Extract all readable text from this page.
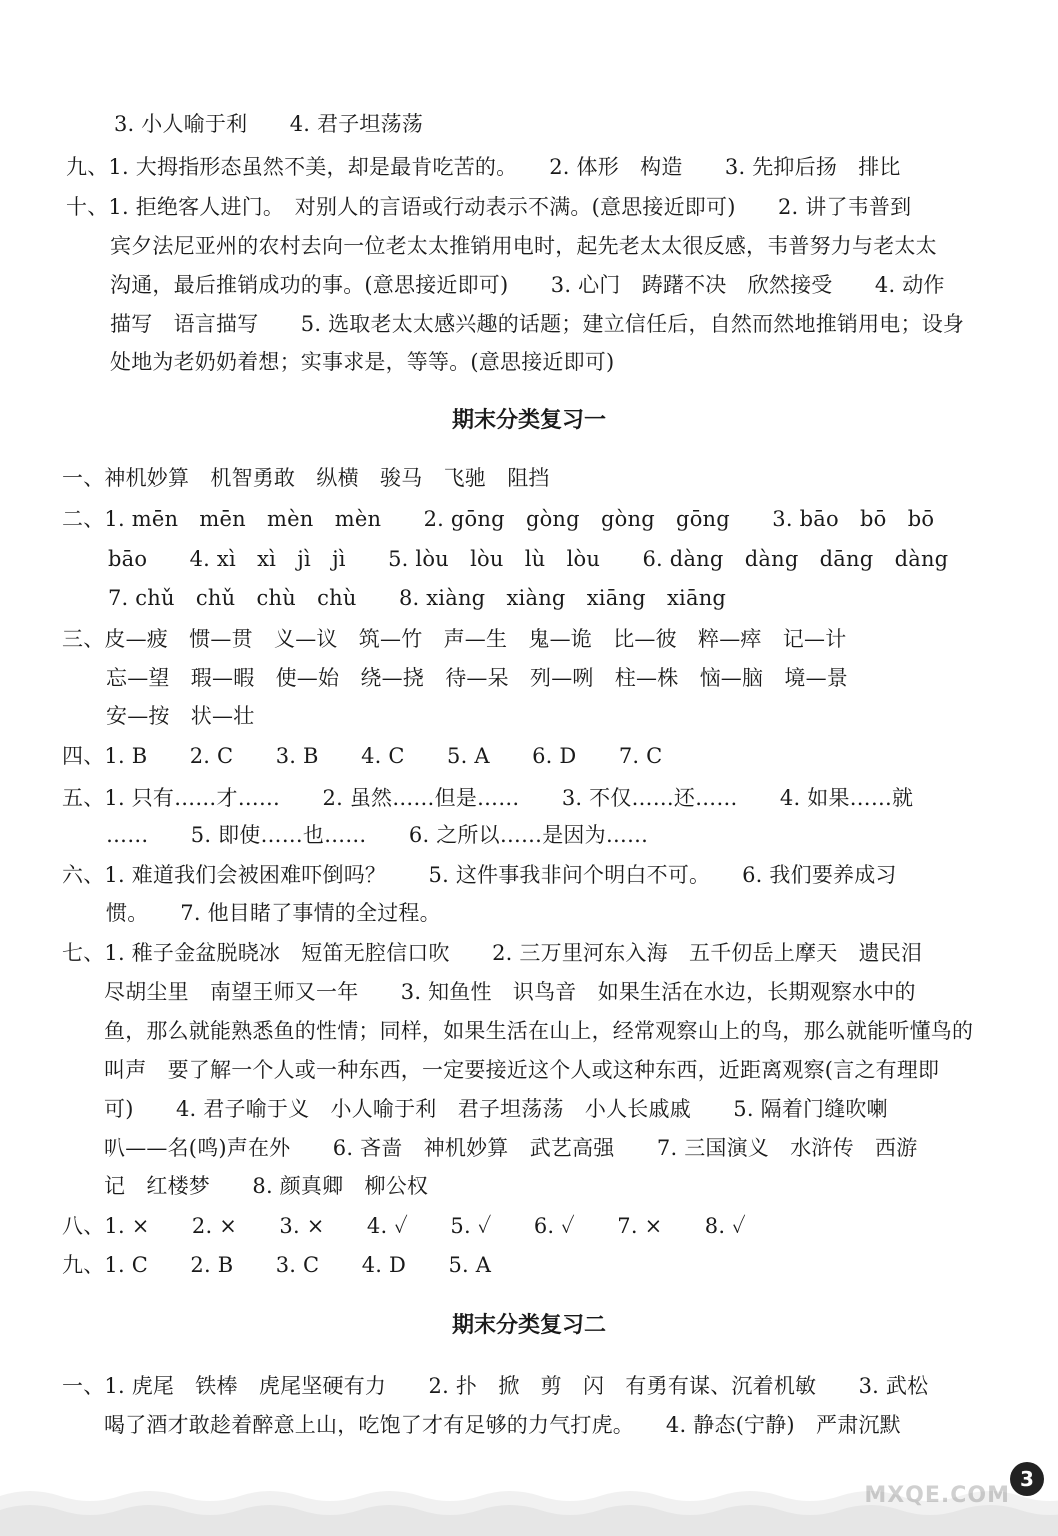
3. 小人喻于利　　4. 君子坦荡荡
九、1. 大拇指形态虽然不美，却是最肯吃苦的。　　2. 体形　构造　　3. 先抑后扬　排比
十、1. 拒绝客人进门。　对别人的言语或行动表示不满。(意思接近即可)　　2. 讲了韦普到
宾夕法尼亚州的农村去向一位老太太推销用电时，起先老太太很反感，韦普努力与老太太
沟通，最后推销成功的事。(意思接近即可)　　3. 心门　踌躇不决　欣然接受　　4. 动作
描写　语言描写　　5. 选取老太太感兴趣的话题；建立信任后，自然而然地推销用电；设身
处地为老奶奶着想；实事求是，等等。(意思接近即可)
期末分类复习一
一、神机妙算　机智勇敢　纵横　骏马　飞驰　阻挡
二、1. mēn　mēn　mèn　mèn　　2. gōng　gòng　gòng　gōng　　3. bāo　bō　bō
bāo　　4. xì　xì　jì　jì　　5. lòu　lòu　lù　lòu　　6. dàng　dàng　dāng　dàng
7. chǔ　chǔ　chù　chù　　8. xiàng　xiàng　xiāng　xiāng
三、皮—疲　惯—贯　义—议　筑—竹　声—生　鬼—诡　比—彼　粹—瘁　记—计
忘—望　瑕—暇　使—始　绕—挠　待—呆　列—咧　柱—株　恼—脑　境—景
安—按　状—壮
四、1. B　　2. C　　3. B　　4. C　　5. A　　6. D　　7. C
五、1. 只有……才……　　2. 虽然……但是……　　3. 不仅……还……　　4. 如果……就
……　　5. 即使……也……　　6. 之所以……是因为……
六、1. 难道我们会被困难吓倒吗？　　5. 这件事我非问个明白不可。　　6. 我们要养成习
惯。　　7. 他目睹了事情的全过程。
七、1. 稚子金盆脱晓冰　短笛无腔信口吹　　2. 三万里河东入海　五千仞岳上摩天　遗民泪
尽胡尘里　南望王师又一年　　3. 知鱼性　识鸟音　如果生活在水边，长期观察水中的
鱼，那么就能熟悉鱼的性情；同样，如果生活在山上，经常观察山上的鸟，那么就能听懂鸟的
叫声　要了解一个人或一种东西，一定要接近这个人或这种东西，近距离观察(言之有理即
可)　　4. 君子喻于义　小人喻于利　君子坦荡荡　小人长戚戚　　5. 隔着门缝吹喇
叭——名(鸣)声在外　　6. 吝啬　神机妙算　武艺高强　　7. 三国演义　水浒传　西游
记　红楼梦　　8. 颜真卿　柳公权
八、1. ×　　2. ×　　3. ×　　4. ✓　　5. ✓　　6. ✓　　7. ×　　8. ✓
九、1. C　　2. B　　3. C　　4. D　　5. A
期末分类复习二
一、1. 虎尾　铁棒　虎尾坚硬有力　　2. 扑　掀　剪　闪　有勇有谋、沉着机敏　　3. 武松
喝了酒才敢趁着醉意上山，吃饱了才有足够的力气打虎。　　4. 静态(宁静)　严肃沉默
MXQE.COM
3
